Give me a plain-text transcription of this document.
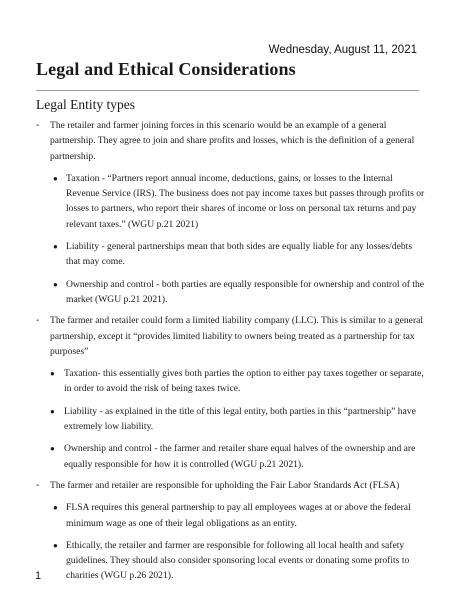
Wednesday, August 11, 2021
Legal and Ethical Considerations
Legal Entity types
- The retailer and farmer joining forces in this scenario would be an example of a general partnership. They agree to join and share profits and losses, which is the definition of a general partnership.
● Taxation - “Partners report annual income, deductions, gains, or losses to the Internal Revenue Service (IRS). The business does not pay income taxes but passes through profits or losses to partners, who report their shares of income or loss on personal tax returns and pay relevant taxes.” (WGU p.21 2021)
● Liability - general partnerships mean that both sides are equally liable for any losses/debts that may come.
● Ownership and control - both parties are equally responsible for ownership and control of the market (WGU p.21 2021).
- The farmer and retailer could form a limited liability company (LLC). This is similar to a general partnership, except it “provides limited liability to owners being treated as a partnership for tax purposes”
● Taxation- this essentially gives both parties the option to either pay taxes together or separate, in order to avoid the risk of being taxes twice.
● Liability - as explained in the title of this legal entity, both parties in this “partnership” have extremely low liability.
● Ownership and control - the farmer and retailer share equal halves of the ownership and are equally responsible for how it is controlled (WGU p.21 2021).
- The farmer and retailer are responsible for upholding the Fair Labor Standards Act (FLSA)
● FLSA requires this general partnership to pay all employees wages at or above the federal minimum wage as one of their legal obligations as an entity.
● Ethically, the retailer and farmer are responsible for following all local health and safety guidelines. They should also consider sponsoring local events or donating some profits to charities (WGU p.26 2021).
1
